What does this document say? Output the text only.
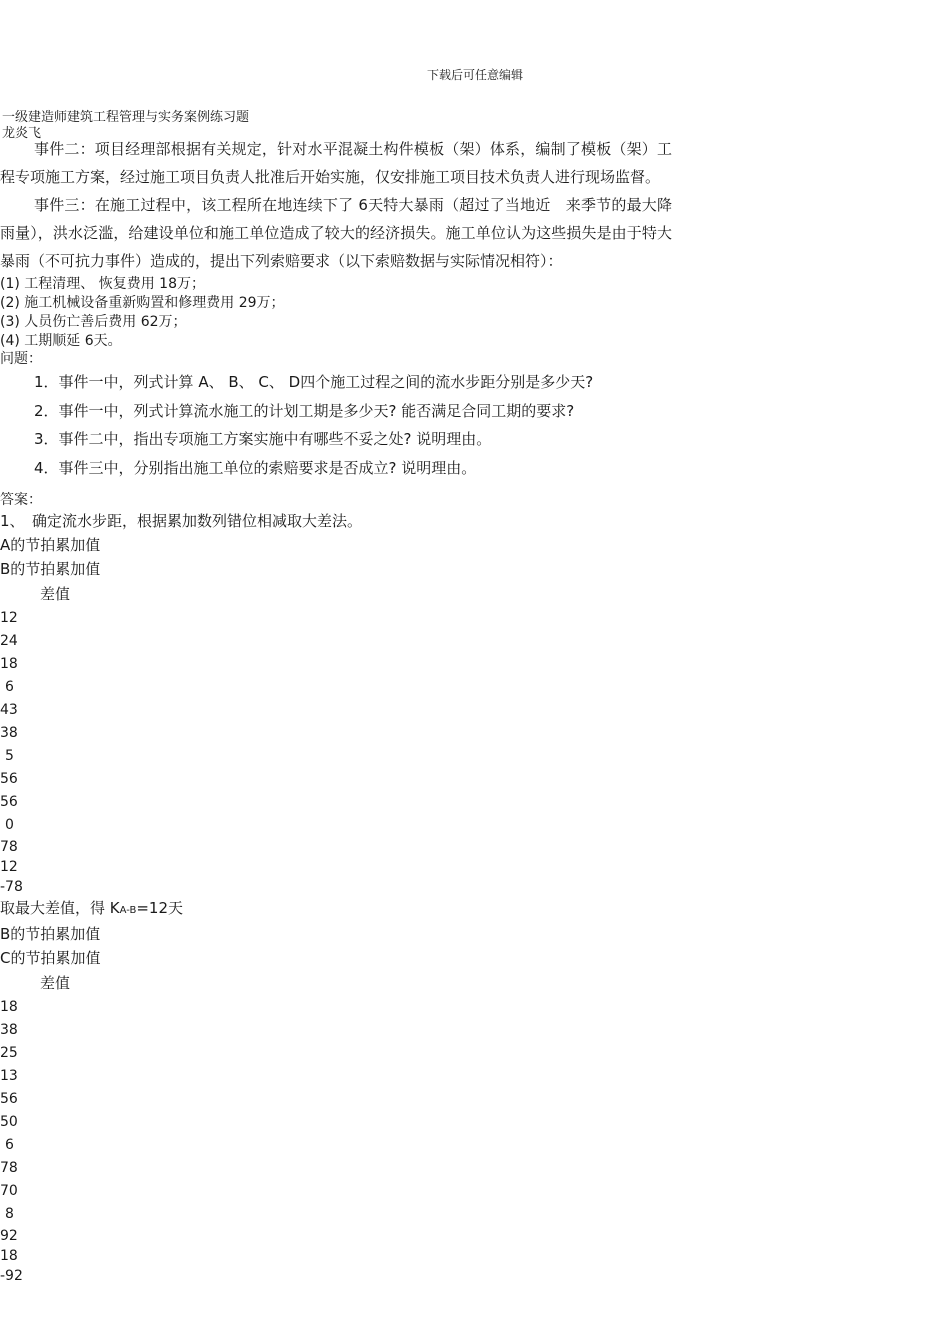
下载后可任意编辑
一级建造师建筑工程管理与实务案例练习题
龙炎飞

事件二：项目经理部根据有关规定，针对水平混凝土构件模板（架）体系，编制了模板（架）工程专项施工方案，经过施工项目负责人批准后开始实施，仅安排施工项目技术负责人进行现场监督。

事件三：在施工过程中，该工程所在地连续下了 6天特大暴雨（超过了当地近　来季节的最大降雨量），洪水泛滥，给建设单位和施工单位造成了较大的经济损失。施工单位认为这些损失是由于特大暴雨（不可抗力事件）造成的，提出下列索赔要求（以下索赔数据与实际情况相符）：

(1) 工程清理、 恢复费用 18万；

(2) 施工机械设备重新购置和修理费用 29万；

(3) 人员伤亡善后费用 62万；

(4) 工期顺延 6天。

问题：

1．事件一中，列式计算 A、 B、 C、 D四个施工过程之间的流水步距分别是多少天?

2．事件一中，列式计算流水施工的计划工期是多少天? 能否满足合同工期的要求?

3．事件二中，指出专项施工方案实施中有哪些不妥之处? 说明理由。

4．事件三中，分别指出施工单位的索赔要求是否成立? 说明理由。

答案：

1、　确定流水步距，根据累加数列错位相减取大差法。

A的节拍累加值

B的节拍累加值

差值

12

24

18

6

43

38

5

56

56

0

78

12

-78

取最大差值，得 KA-B=12天

B的节拍累加值

C的节拍累加值

差值

18

38

25

13

56

50

6

78

70

8

92

18

-92
